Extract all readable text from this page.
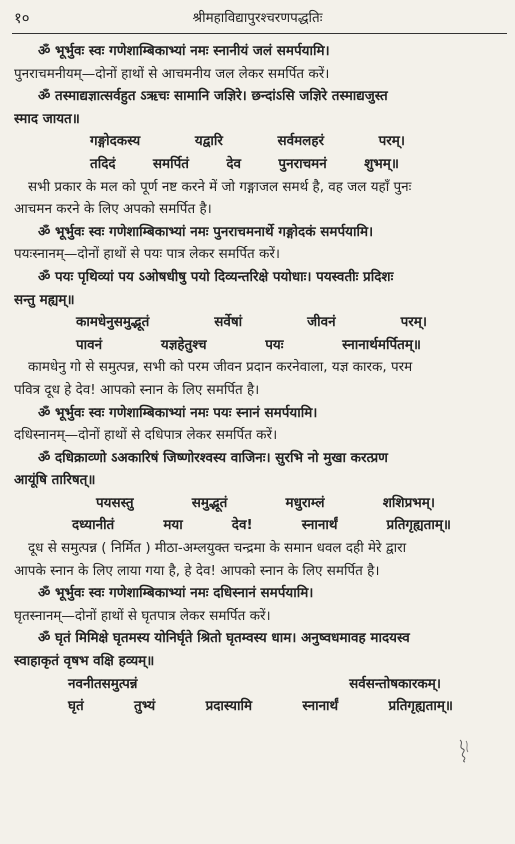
१०	श्रीमहाविद्यापुरश्चरणपद्धतिः
ॐ भूर्भुवः स्वः गणेशाम्बिकाभ्यां नमः स्नानीयं जलं समर्पयामि।
पुनराचमनीयम्—दोनों हाथों से आचमनीय जल लेकर समर्पित करें।
ॐ तस्माद्यज्ञात्सर्वहुत ऽऋचः सामानि जज्ञिरे। छन्दांऽसि जज्ञिरे तस्माद्यजुस्त
स्माद जायत॥
गङ्गोदकस्य	यद्वारि	सर्वमलहरं	परम्।
तदिदं	समर्पितं	देव	पुनराचमनं	शुभम्॥
सभी प्रकार के मल को पूर्ण नष्ट करने में जो गङ्गाजल समर्थ है, वह जल यहाँ पुनः
आचमन करने के लिए अपको समर्पित है।
ॐ भूर्भुवः स्वः गणेशाम्बिकाभ्यां नमः पुनराचमनार्थे गङ्गोदकं समर्पयामि।
पयःस्नानम्—दोनों हाथों से पयः पात्र लेकर समर्पित करें।
ॐ पयः पृथिव्यां पय ऽओषधीषु पयो दिव्यन्तरिक्षे पयोधाः। पयस्वतीः प्रदिशः
सन्तु मह्यम्॥
कामधेनुसमुद्भूतं	सर्वेषां	जीवनं	परम्।
पावनं	यज्ञहेतुश्च	पयः	स्नानार्थमर्पितम्॥
कामधेनु गो से समुत्पन्न, सभी को परम जीवन प्रदान करनेवाला, यज्ञ कारक, परम
पवित्र दूध हे देव! आपको स्नान के लिए समर्पित है।
ॐ भूर्भुवः स्वः गणेशाम्बिकाभ्यां नमः पयः स्नानं समर्पयामि।
दधिस्नानम्—दोनों हाथों से दधिपात्र लेकर समर्पित करें।
ॐ दधिक्राव्णो ऽअकारिषं जिष्णोरश्वस्य वाजिनः। सुरभि नो मुखा करत्प्रण
आयूंषि तारिषत्॥
पयसस्तु	समुद्भूतं	मधुराम्लं	शशिप्रभम्।
दध्यानीतं	मया	देव!	स्नानार्थं	प्रतिगृह्यताम्॥
दूध से समुत्पन्न ( निर्मित ) मीठा-अम्लयुक्त चन्द्रमा के समान धवल दही मेरे द्वारा
आपके स्नान के लिए लाया गया है, हे देव! आपको स्नान के लिए समर्पित है।
ॐ भूर्भुवः स्वः गणेशाम्बिकाभ्यां नमः दधिस्नानं समर्पयामि।
घृतस्नानम्—दोनों हाथों से घृतपात्र लेकर समर्पित करें।
ॐ घृतं मिमिक्षे घृतमस्य योनिर्घृते श्रितो घृतम्वस्य धाम। अनुष्वधमावह मादयस्व
स्वाहाकृतं वृषभ वक्षि हव्यम्॥
नवनीतसमुत्पन्नं	सर्वसन्तोषकारकम्।
घृतं	तुभ्यं	प्रदास्यामि	स्नानार्थं	प्रतिगृह्यताम्॥
